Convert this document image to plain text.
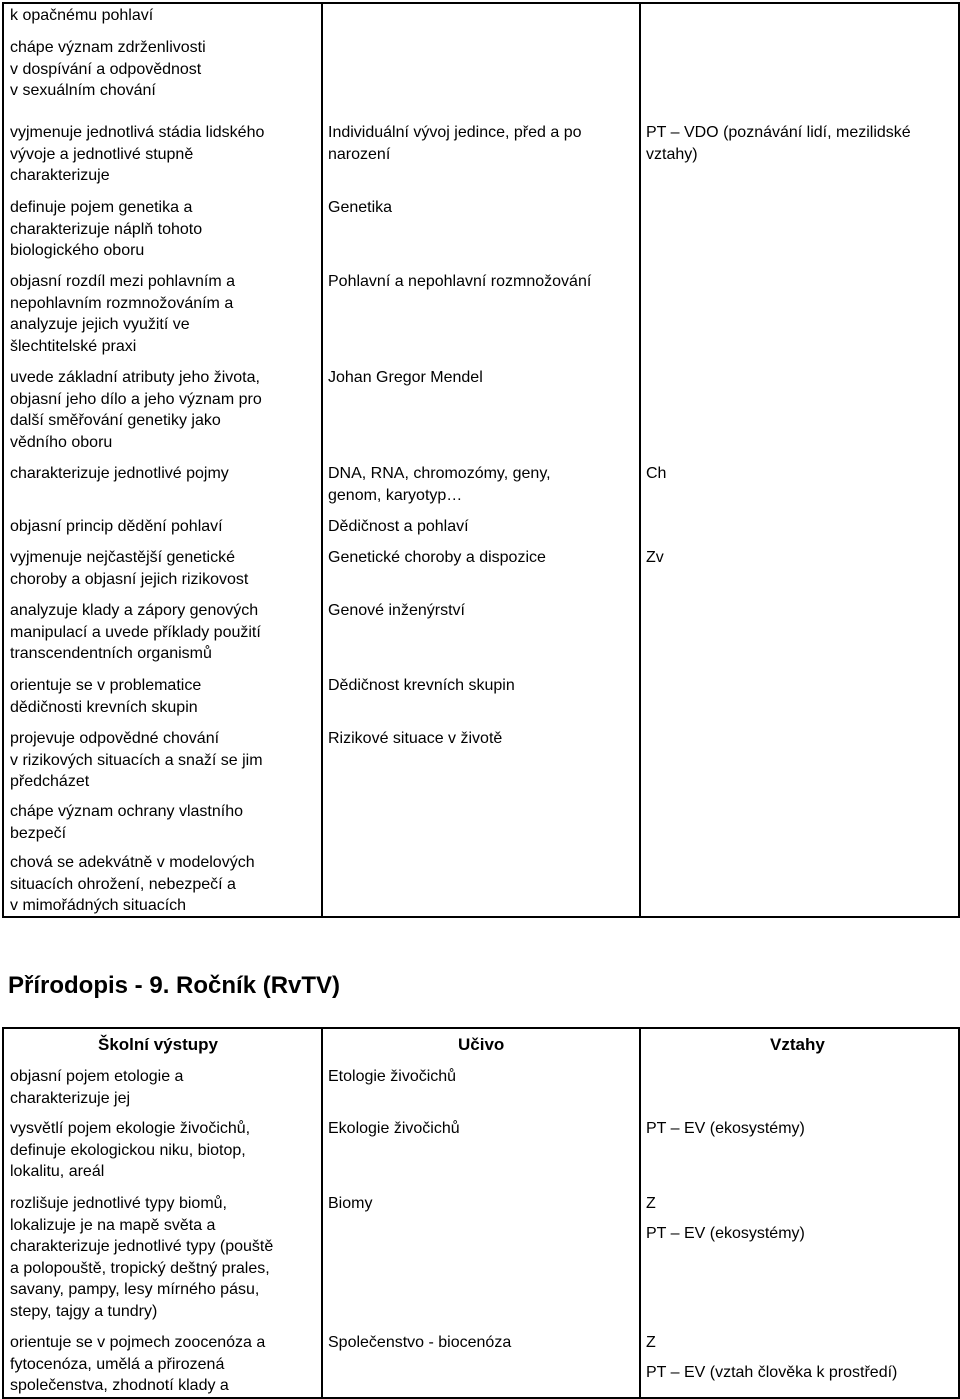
k opačnému pohlaví
chápe význam zdrženlivosti
v dospívání a odpovědnost
v sexuálním chování
vyjmenuje jednotlivá stádia lidského
vývoje a jednotlivé stupně
charakterizuje
definuje pojem genetika a
charakterizuje náplň tohoto
biologického oboru
objasní rozdíl mezi pohlavním a
nepohlavním rozmnožováním a
analyzuje jejich využití ve
šlechtitelské praxi
uvede základní atributy jeho života,
objasní jeho dílo a jeho význam pro
další směřování genetiky jako
vědního oboru
charakterizuje jednotlivé pojmy
objasní princip dědění pohlaví
vyjmenuje nejčastější genetické
choroby a objasní jejich rizikovost
analyzuje klady a zápory genových
manipulací a uvede příklady použití
transcendentních organismů
orientuje se v problematice
dědičnosti krevních skupin
projevuje odpovědné chování
v rizikových situacích a snaží se jim
předcházet
chápe význam ochrany vlastního
bezpečí
chová se adekvátně v modelových
situacích ohrožení, nebezpečí a
v mimořádných situacích
Individuální vývoj jedince, před a po
narození
Genetika
Pohlavní a nepohlavní rozmnožování
Johan Gregor Mendel
DNA, RNA, chromozómy, geny,
genom, karyotyp…
Dědičnost a pohlaví
Genetické choroby a dispozice
Genové inženýrství
Dědičnost krevních skupin
Rizikové situace v životě
PT – VDO (poznávání lidí, mezilidské
vztahy)
Ch
Zv
Přírodopis - 9. Ročník (RvTV)
Školní výstupy	Učivo	Vztahy
objasní pojem etologie a
charakterizuje jej
vysvětlí pojem ekologie živočichů,
definuje ekologickou niku, biotop,
lokalitu, areál
rozlišuje jednotlivé typy biomů,
lokalizuje je na mapě světa a
charakterizuje jednotlivé typy (pouště
a polopouště, tropický deštný prales,
savany, pampy, lesy mírného pásu,
stepy, tajgy a tundry)
orientuje se v pojmech zoocenóza a
fytocenóza, umělá a přirozená
společenstva, zhodnotí klady a
Etologie živočichů
Ekologie živočichů
Biomy
Společenstvo - biocenóza
PT – EV (ekosystémy)
Z
PT – EV (ekosystémy)
Z
PT – EV (vztah člověka k prostředí)
